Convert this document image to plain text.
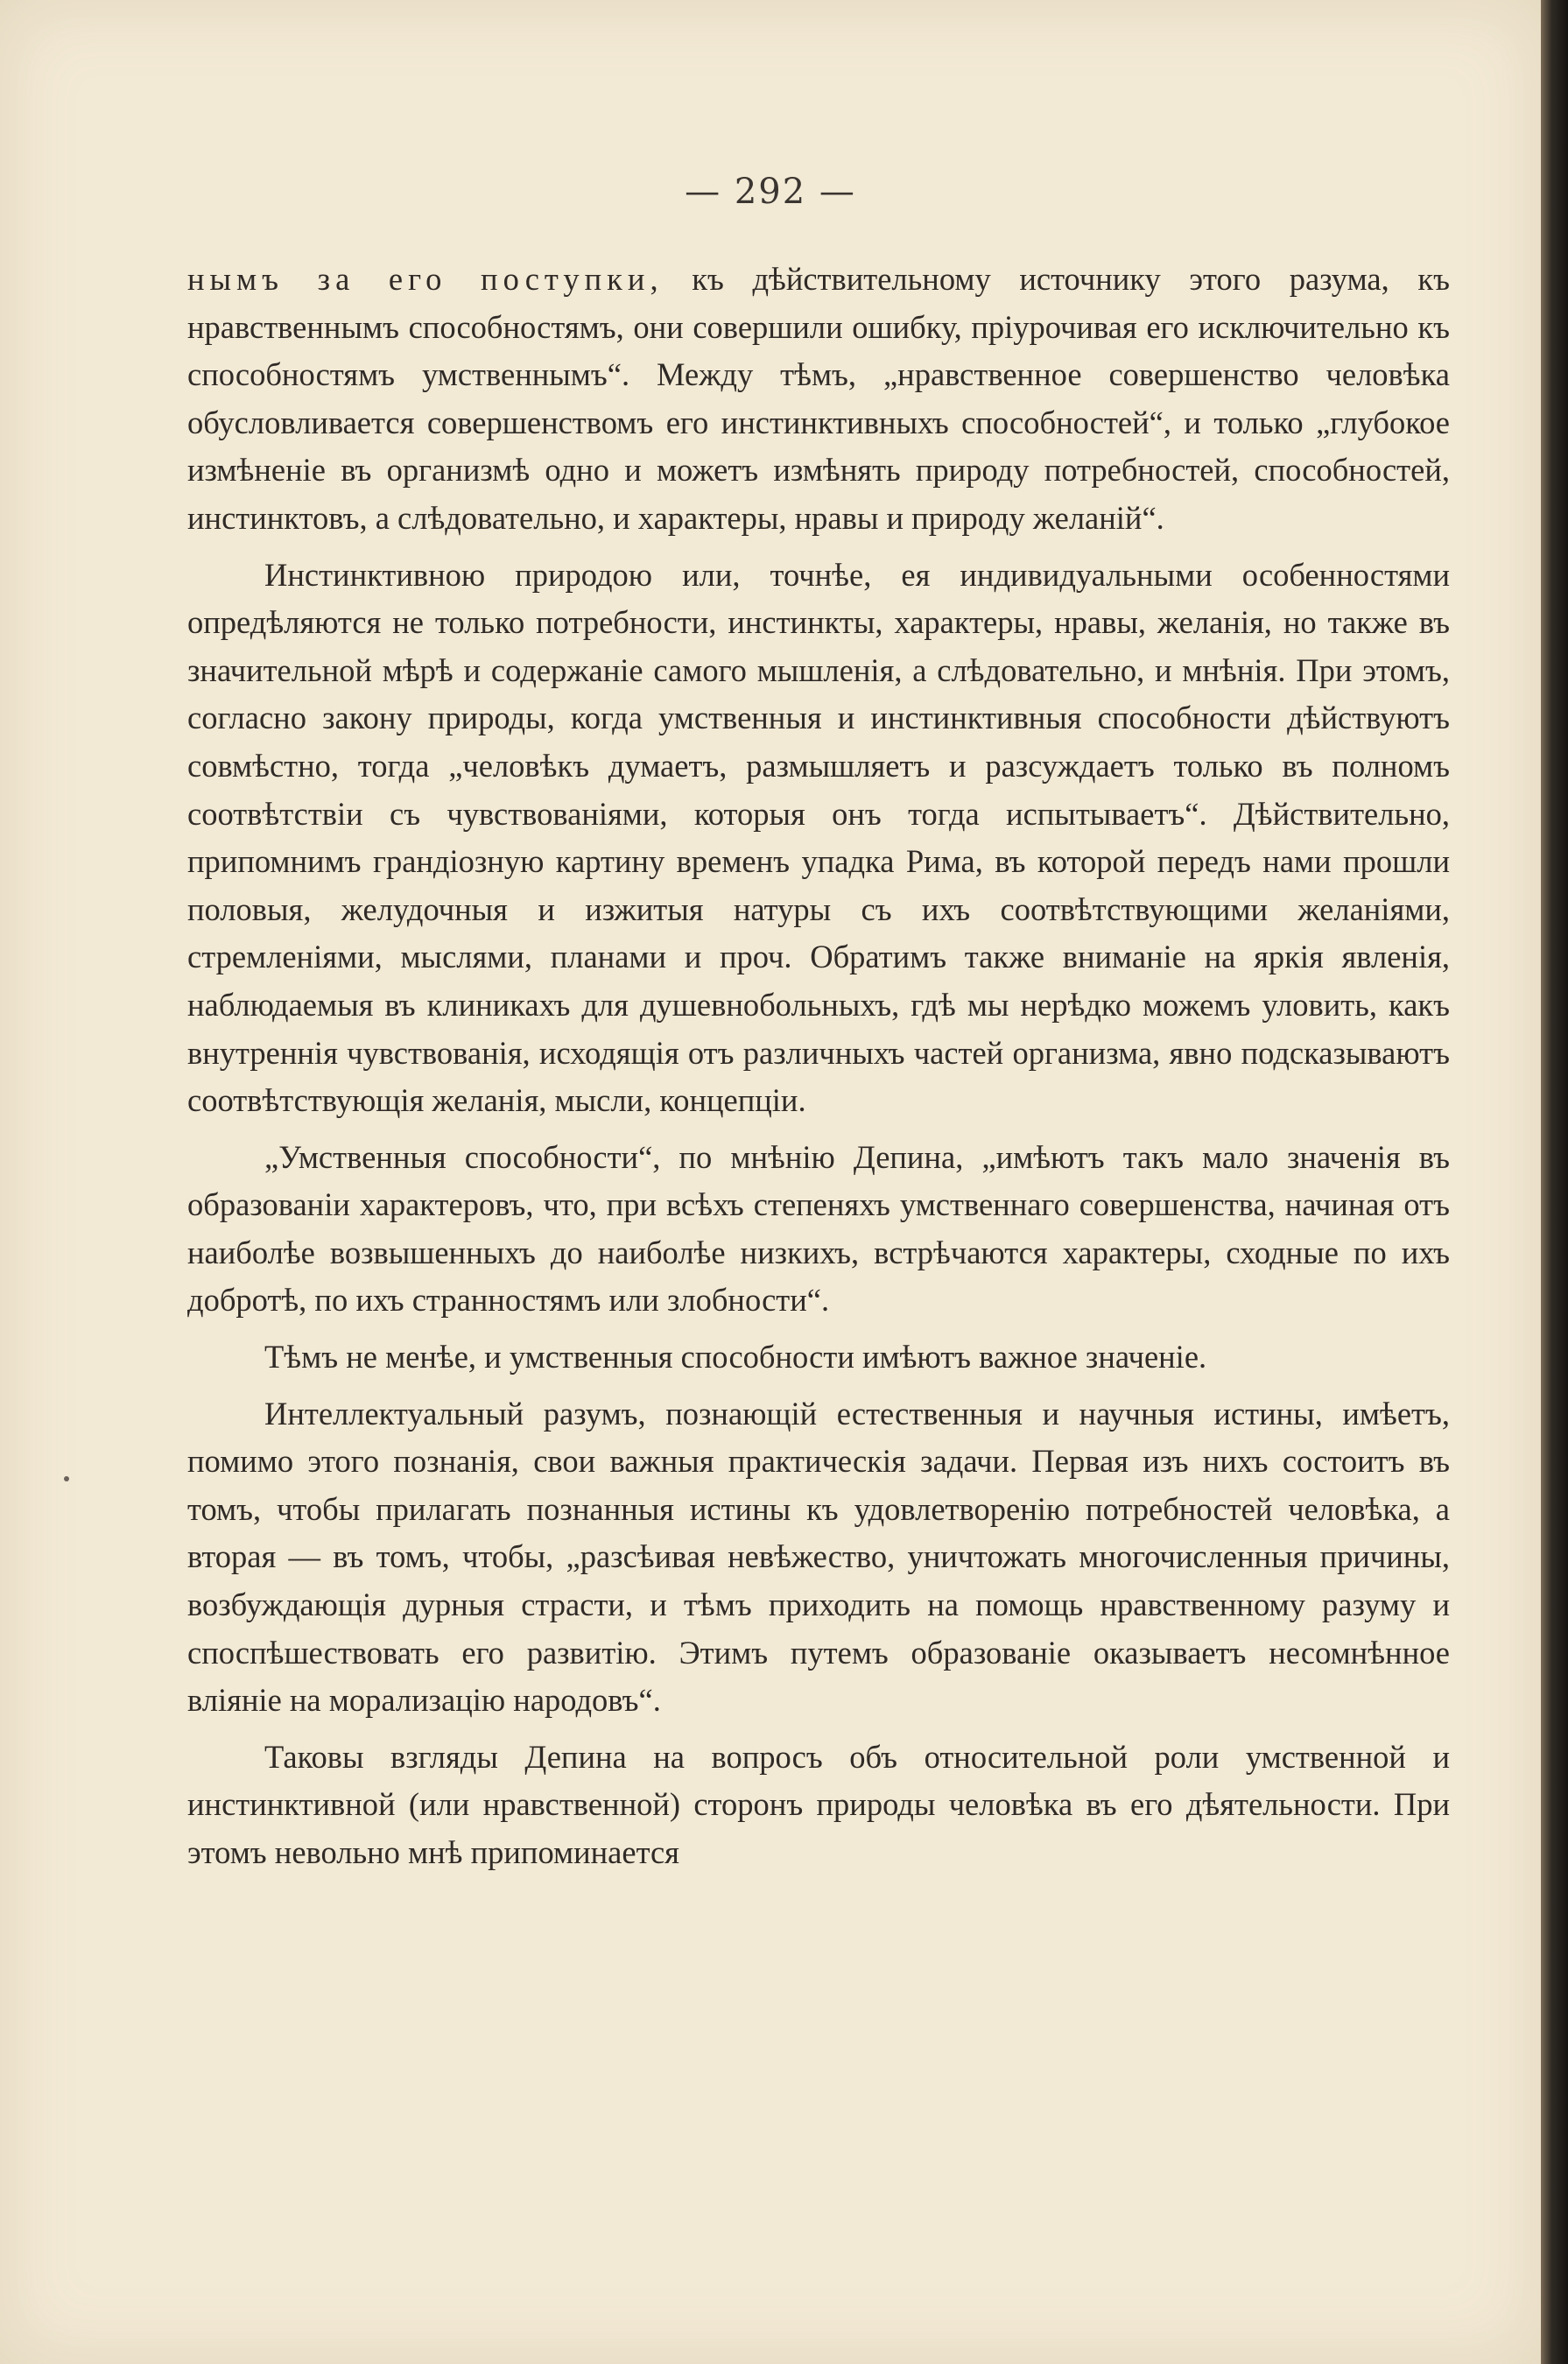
— 292 —

нымъ за его поступки, къ дѣйствительному источнику этого разума, къ нравственнымъ способностямъ, они совершили ошибку, пріурочивая его исключительно къ способностямъ умственнымъ“. Между тѣмъ, „нравственное совершенство человѣка обусловливается совершенствомъ его инстинктивныхъ способностей“, и только „глубокое измѣненіе въ организмѣ одно и можетъ измѣнять природу потребностей, способностей, инстинктовъ, а слѣдовательно, и характеры, нравы и природу желаній“.

Инстинктивною природою или, точнѣе, ея индивидуальными особенностями опредѣляются не только потребности, инстинкты, характеры, нравы, желанія, но также въ значительной мѣрѣ и содержаніе самого мышленія, а слѣдовательно, и мнѣнія. При этомъ, согласно закону природы, когда умственныя и инстинктивныя способности дѣйствуютъ совмѣстно, тогда „человѣкъ думаетъ, размышляетъ и разсуждаетъ только въ полномъ соотвѣтствіи съ чувствованіями, которыя онъ тогда испытываетъ“. Дѣйствительно, припомнимъ грандіозную картину временъ упадка Рима, въ которой передъ нами прошли половыя, желудочныя и изжитыя натуры съ ихъ соотвѣтствующими желаніями, стремленіями, мыслями, планами и проч. Обратимъ также вниманіе на яркія явленія, наблюдаемыя въ клиникахъ для душевнобольныхъ, гдѣ мы нерѣдко можемъ уловить, какъ внутреннія чувствованія, исходящія отъ различныхъ частей организма, явно подсказываютъ соотвѣтствующія желанія, мысли, концепціи.

„Умственныя способности“, по мнѣнію Депина, „имѣютъ такъ мало значенія въ образованіи характеровъ, что, при всѣхъ степеняхъ умственнаго совершенства, начиная отъ наиболѣе возвышенныхъ до наиболѣе низкихъ, встрѣчаются характеры, сходные по ихъ добротѣ, по ихъ странностямъ или злобности“.

Тѣмъ не менѣе, и умственныя способности имѣютъ важное значеніе.

Интеллектуальный разумъ, познающій естественныя и научныя истины, имѣетъ, помимо этого познанія, свои важныя практическія задачи. Первая изъ нихъ состоитъ въ томъ, чтобы прилагать познанныя истины къ удовлетворенію потребностей человѣка, а вторая — въ томъ, чтобы, „разсѣивая невѣжество, уничтожать многочисленныя причины, возбуждающія дурныя страсти, и тѣмъ приходить на помощь нравственному разуму и споспѣшествовать его развитію. Этимъ путемъ образованіе оказываетъ несомнѣнное вліяніе на морализацію народовъ“.

Таковы взгляды Депина на вопросъ объ относительной роли умственной и инстинктивной (или нравственной) сторонъ природы человѣка въ его дѣятельности. При этомъ невольно мнѣ припоминается
